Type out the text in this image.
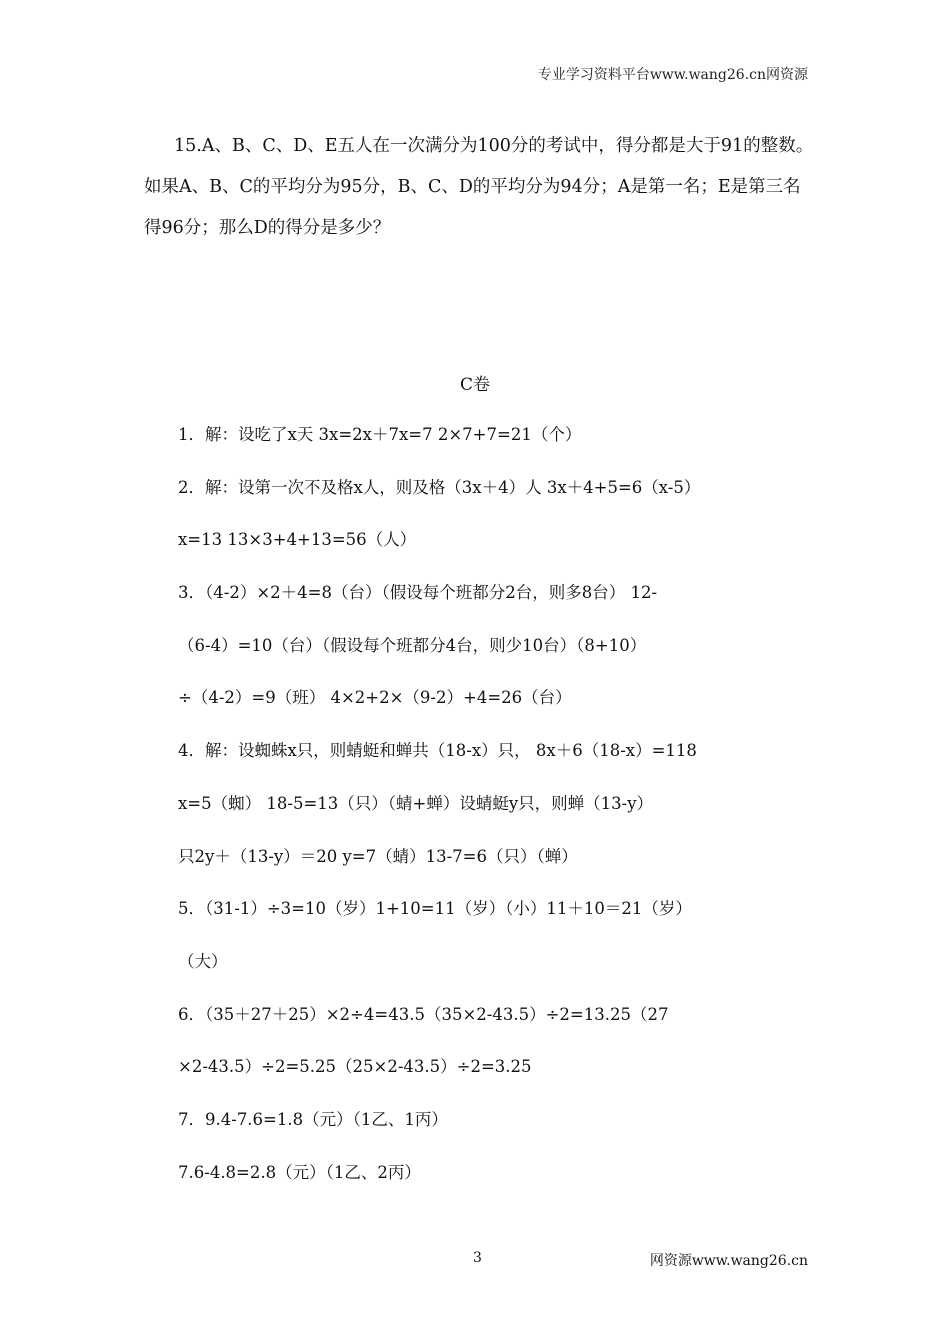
专业学习资料平台www.wang26.cn网资源
15.A、B、C、D、E五人在一次满分为100分的考试中，得分都是大于91的整数。
如果A、B、C的平均分为95分，B、C、D的平均分为94分；A是第一名；E是第三名
得96分；那么D的得分是多少？
C卷
1．解：设吃了x天 3x=2x＋7x=7 2×7+7=21（个）
2．解：设第一次不及格x人，则及格（3x＋4）人 3x＋4+5=6（x-5）
x=13 13×3+4+13=56（人）
3．（4-2）×2＋4=8（台）（假设每个班都分2台，则多8台） 12-
（6-4）=10（台）（假设每个班都分4台，则少10台）（8+10）
÷（4-2）=9（班） 4×2+2×（9-2）+4=26（台）
4．解：设蜘蛛x只，则蜻蜓和蝉共（18-x）只， 8x＋6（18-x）=118
x=5（蜘） 18-5=13（只）（蜻+蝉）设蜻蜓y只，则蝉（13-y）
只2y＋（13-y）＝20 y=7（蜻）13-7=6（只）（蝉）
5．（31-1）÷3=10（岁）1+10=11（岁）（小）11＋10＝21（岁）
（大）
6．（35＋27＋25）×2÷4=43.5（35×2-43.5）÷2=13.25（27
×2-43.5）÷2=5.25（25×2-43.5）÷2=3.25
7．9.4-7.6=1.8（元）（1乙、1丙）
7.6-4.8=2.8（元）（1乙、2丙）
3	网资源www.wang26.cn
